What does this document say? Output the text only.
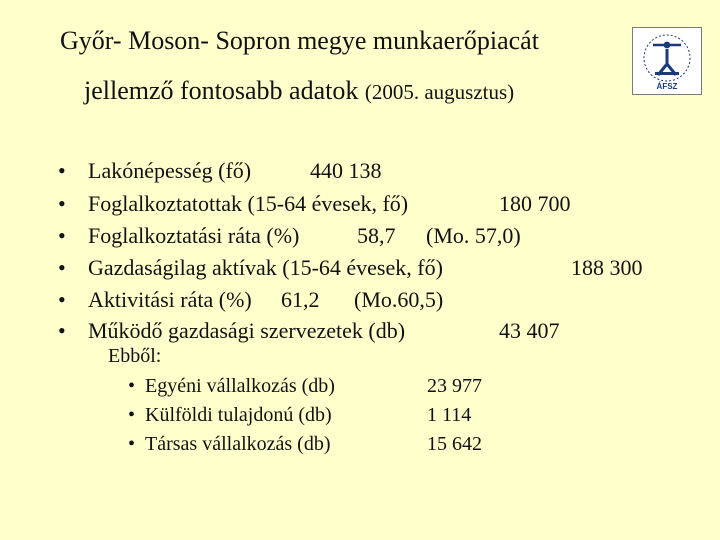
Győr- Moson- Sopron megye munkaerőpiacát
jellemző fontosabb adatok (2005. augusztus)	ÁFSZ
• Lakónépesség (fő)	440 138
• Foglalkoztatottak (15-64 évesek, fő)	180 700
• Foglalkoztatási ráta (%)	58,7 (Mo. 57,0)
• Gazdaságilag aktívak (15-64 évesek, fő)	188 300
• Aktivitási ráta (%) 61,2 (Mo.60,5)
• Működő gazdasági szervezetek (db)	43 407
Ebből:
• Egyéni vállalkozás (db)	23 977
• Külföldi tulajdonú (db)	1 114
• Társas vállalkozás (db)	15 642
